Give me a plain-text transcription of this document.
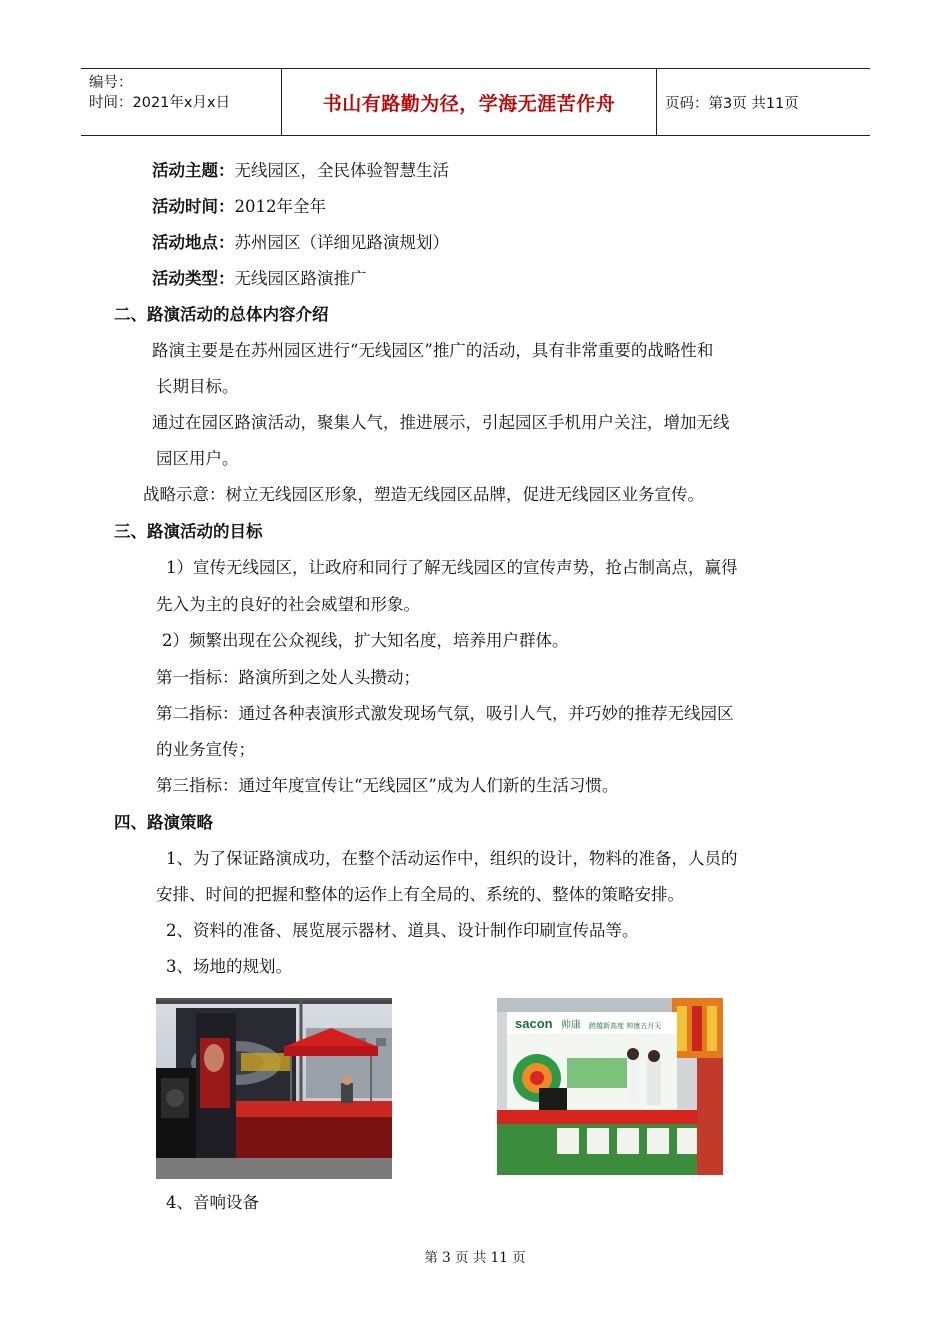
编号：
时间：2021年x月x日	书山有路勤为径，学海无涯苦作舟	页码：第3页 共11页
活动主题：无线园区，全民体验智慧生活
活动时间：2012年全年
活动地点：苏州园区（详细见路演规划）
活动类型：无线园区路演推广
二、路演活动的总体内容介绍
路演主要是在苏州园区进行“无线园区”推广的活动，具有非常重要的战略性和
长期目标。
通过在园区路演活动，聚集人气，推进展示，引起园区手机用户关注，增加无线
园区用户。
战略示意：树立无线园区形象，塑造无线园区品牌，促进无线园区业务宣传。
三、路演活动的目标
1）宣传无线园区，让政府和同行了解无线园区的宣传声势，抢占制高点，赢得
先入为主的良好的社会威望和形象。
2）频繁出现在公众视线，扩大知名度，培养用户群体。
第一指标：路演所到之处人头攒动；
第二指标：通过各种表演形式激发现场气氛，吸引人气，并巧妙的推荐无线园区
的业务宣传；
第三指标：通过年度宣传让“无线园区”成为人们新的生活习惯。
四、路演策略
1、为了保证路演成功，在整个活动运作中，组织的设计，物料的准备，人员的
安排、时间的把握和整体的运作上有全局的、系统的、整体的策略安排。
2、资料的准备、展览展示器材、道具、设计制作印刷宣传品等。
3、场地的规划。
sacon 帅康 跨越新高度 帅康五月天
4、音响设备
第 3 页 共 11 页
